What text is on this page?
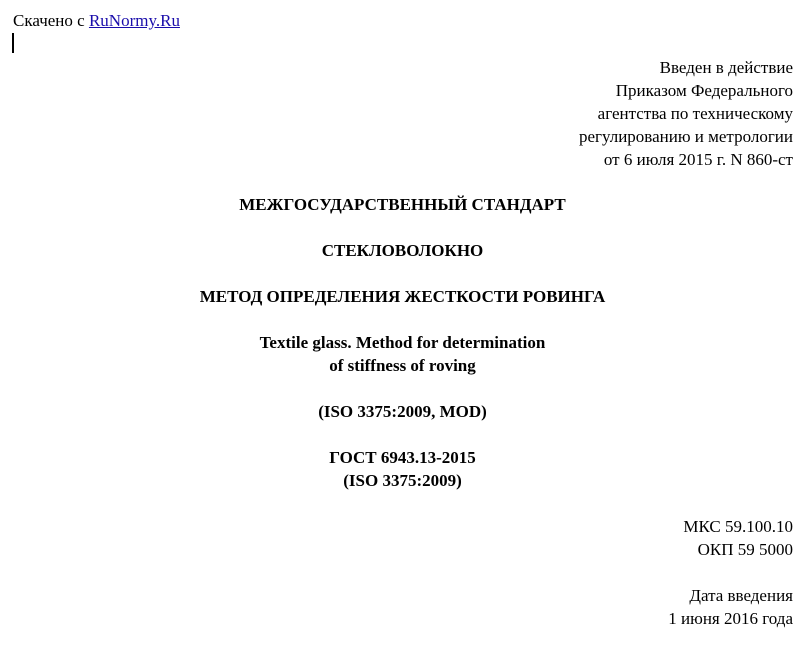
Скачено с RuNormy.Ru
Введен в действие
Приказом Федерального
агентства по техническому
регулированию и метрологии
от 6 июля 2015 г. N 860-ст
МЕЖГОСУДАРСТВЕННЫЙ СТАНДАРТ
СТЕКЛОВОЛОКНО
МЕТОД ОПРЕДЕЛЕНИЯ ЖЕСТКОСТИ РОВИНГА
Textile glass. Method for determination
of stiffness of roving
(ISO 3375:2009, MOD)
ГОСТ 6943.13-2015
(ISO 3375:2009)
МКС 59.100.10
ОКП 59 5000
Дата введения
1 июня 2016 года
